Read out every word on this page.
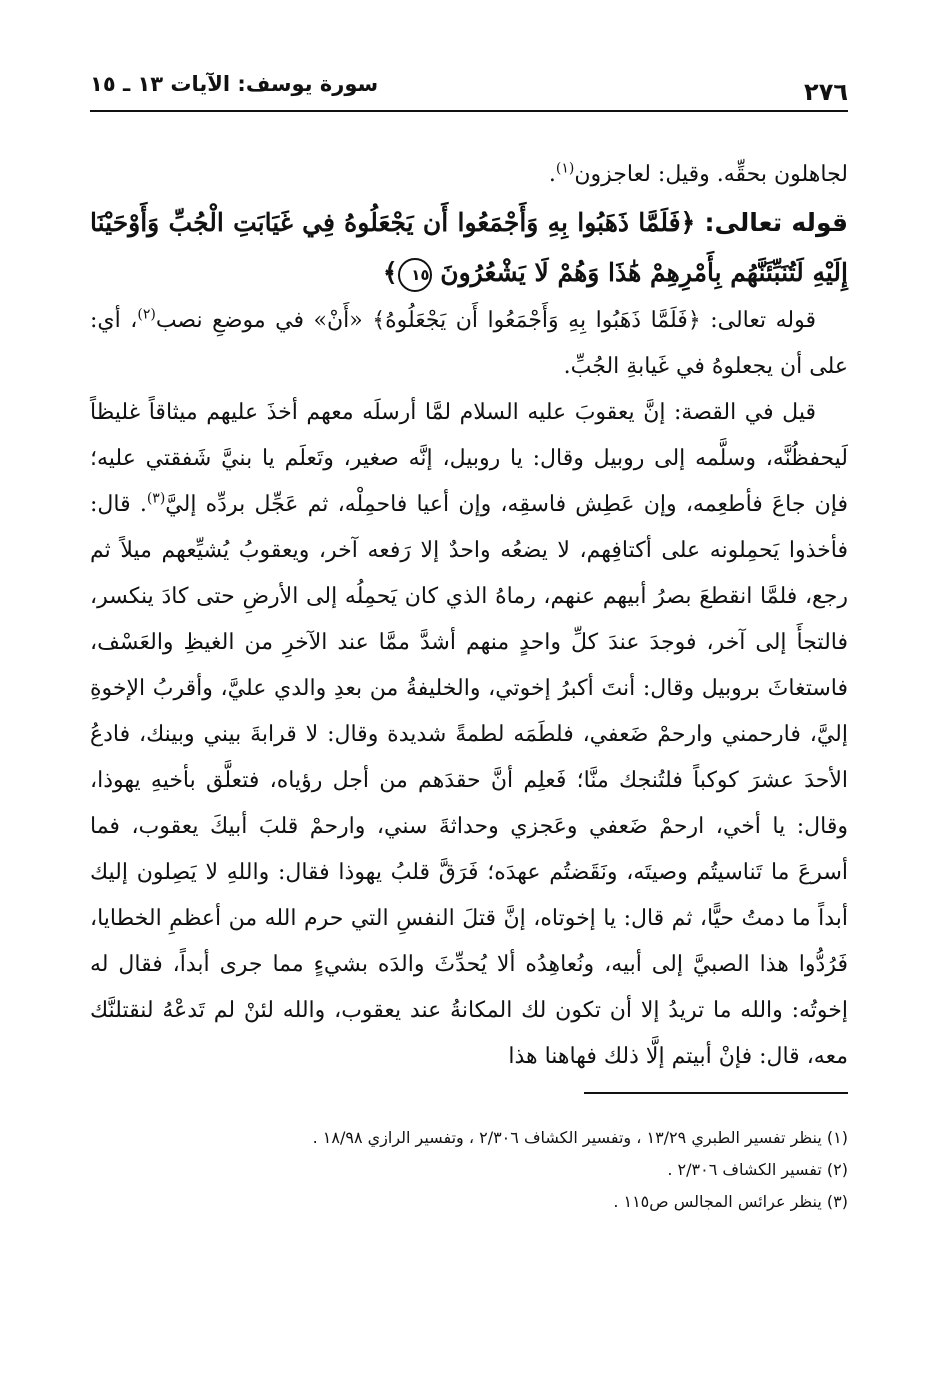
٢٧٦
سورة يوسف: الآيات ١٣ ـ ١٥

لجاهلون بحقِّه. وقيل: لعاجزون$^{(١)}$.

قوله تعالى: ﴿فَلَمَّا ذَهَبُوا بِهِ وَأَجْمَعُوا أَن يَجْعَلُوهُ فِي غَيَابَتِ الْجُبِّ وَأَوْحَيْنَا إِلَيْهِ لَتُنَبِّئَنَّهُم بِأَمْرِهِمْ هَٰذَا وَهُمْ لَا يَشْعُرُونَ ١٥﴾

قوله تعالى: ﴿فَلَمَّا ذَهَبُوا بِهِ وَأَجْمَعُوا أَن يَجْعَلُوهُ﴾ «أَنْ» في موضعِ نصب$^{(٢)}$، أي: على أن يجعلوهُ في غَيابةِ الجُبِّ.

قيل في القصة: إنَّ يعقوبَ عليه السلام لمَّا أرسلَه معهم أخذَ عليهم ميثاقاً غليظاً لَيحفظُنَّه، وسلَّمه إلى روبيل وقال: يا روبيل، إنَّه صغير، وتَعلَم يا بنيَّ شَفقتي عليه؛ فإن جاعَ فأطعِمه، وإن عَطِش فاسقِه، وإن أعيا فاحمِلْه، ثم عَجِّل بردِّه إليَّ$^{(٣)}$. قال: فأخذوا يَحمِلونه على أكتافِهم، لا يضعُه واحدٌ إلا رَفعه آخر، ويعقوبُ يُشيِّعهم ميلاً ثم رجع، فلمَّا انقطعَ بصرُ أبيهم عنهم، رماهُ الذي كان يَحمِلُه إلى الأرضِ حتى كادَ ينكسر، فالتجأَ إلى آخر، فوجدَ عندَ كلِّ واحدٍ منهم أشدَّ ممَّا عند الآخرِ من الغيظِ والعَسْف، فاستغاثَ بروبيل وقال: أنتَ أكبرُ إخوتي، والخليفةُ من بعدِ والدي عليَّ، وأقربُ الإخوةِ إليَّ، فارحمني وارحمْ ضَعفي، فلطَمَه لطمةً شديدة وقال: لا قرابةَ بيني وبينك، فادعُ الأحدَ عشرَ كوكباً فلتُنجك منَّا؛ فَعلِم أنَّ حقدَهم من أجل رؤياه، فتعلَّق بأخيهِ يهوذا، وقال: يا أخي، ارحمْ ضَعفي وعَجزي وحداثةَ سني، وارحمْ قلبَ أبيكَ يعقوب، فما أسرعَ ما تَناسيتُم وصيتَه، ونَقَضتُم عهدَه؛ فَرَقَّ قلبُ يهوذا فقال: واللهِ لا يَصِلون إليك أبداً ما دمتُ حيًّا، ثم قال: يا إخوتاه، إنَّ قتلَ النفسِ التي حرم الله من أعظمِ الخطايا، فَرُدُّوا هذا الصبيَّ إلى أبيه، ونُعاهِدُه ألا يُحدِّثَ والدَه بشيءٍ مما جرى أبداً، فقال له إخوتُه: والله ما تريدُ إلا أن تكون لك المكانةُ عند يعقوب، والله لئنْ لم تَدعْهُ لنقتلنَّك معه، قال: فإنْ أبيتم إلَّا ذلك فهاهنا هذا

(١) ينظر تفسير الطبري ١٣/٢٩ ، وتفسير الكشاف ٢/٣٠٦ ، وتفسير الرازي ١٨/٩٨ .
(٢) تفسير الكشاف ٢/٣٠٦ .
(٣) ينظر عرائس المجالس ص١١٥ .
